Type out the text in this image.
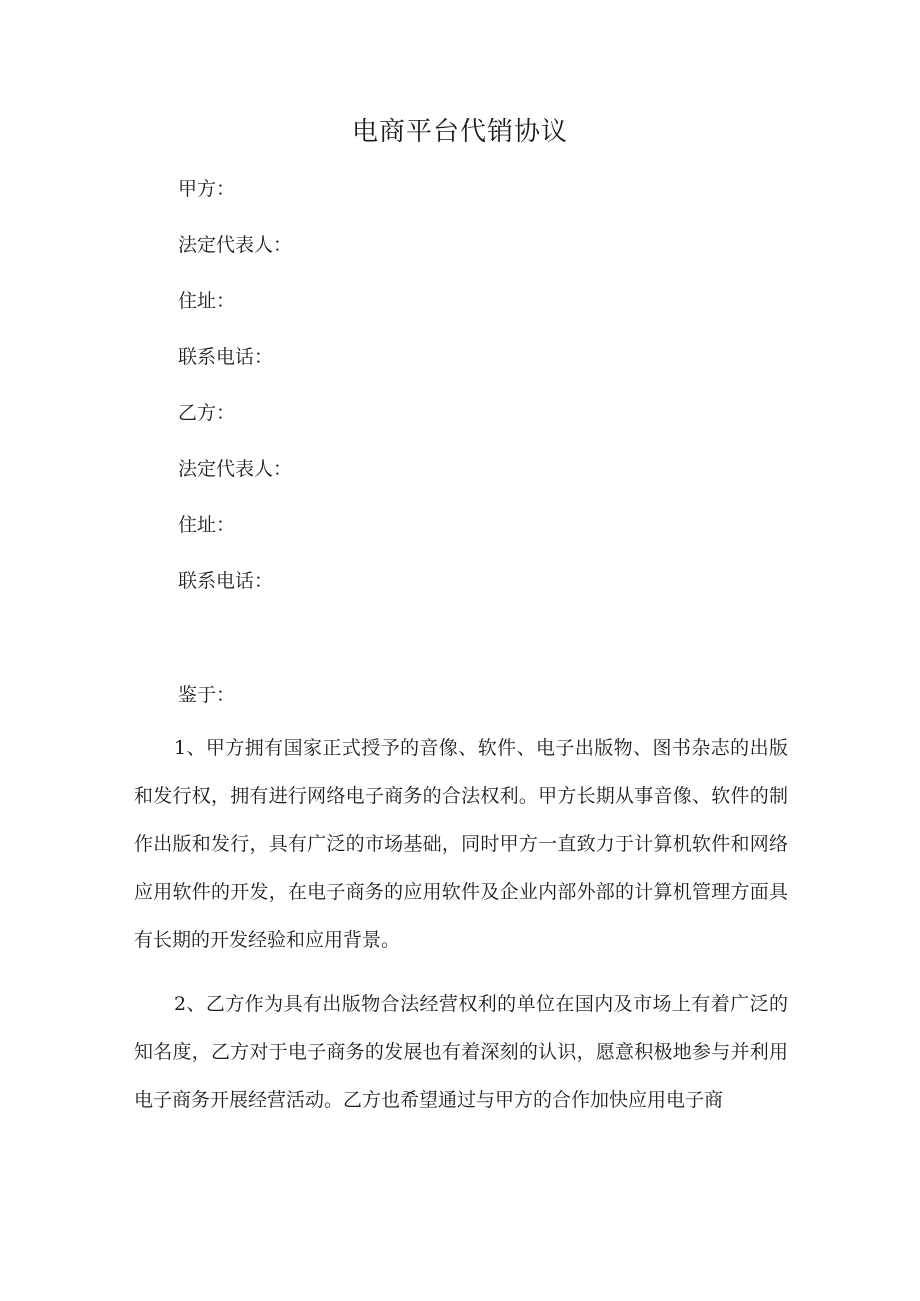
电商平台代销协议
甲方：
法定代表人：
住址：
联系电话：
乙方：
法定代表人：
住址：
联系电话：
鉴于：

1、甲方拥有国家正式授予的音像、软件、电子出版物、图书杂志的出版和发行权，拥有进行网络电子商务的合法权利。甲方长期从事音像、软件的制作出版和发行，具有广泛的市场基础，同时甲方一直致力于计算机软件和网络应用软件的开发，在电子商务的应用软件及企业内部外部的计算机管理方面具有长期的开发经验和应用背景。

2、乙方作为具有出版物合法经营权利的单位在国内及市场上有着广泛的知名度，乙方对于电子商务的发展也有着深刻的认识，愿意积极地参与并利用电子商务开展经营活动。乙方也希望通过与甲方的合作加快应用电子商
